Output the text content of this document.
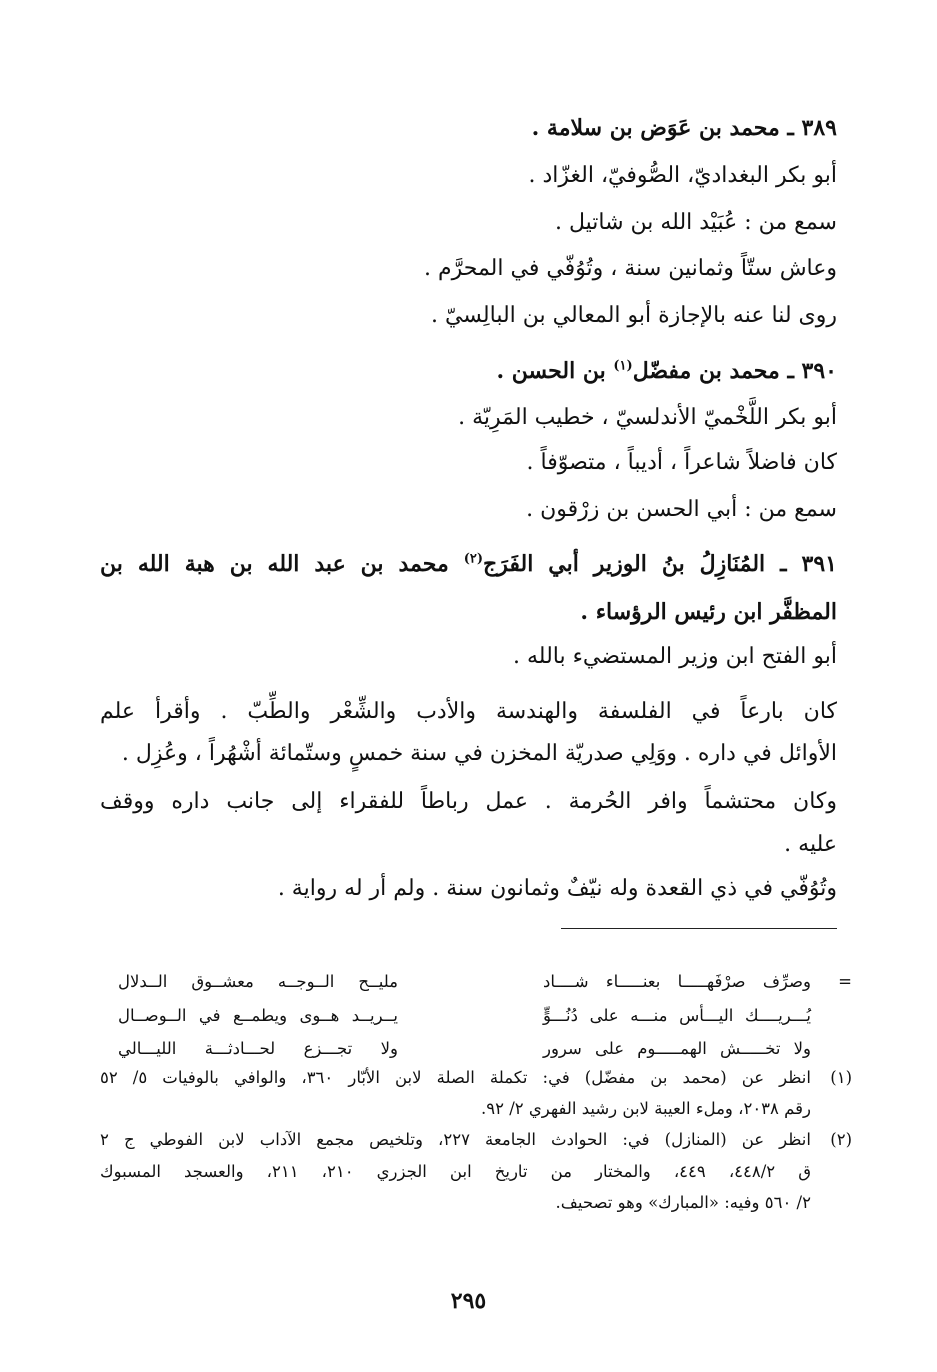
٣٨٩ ـ محمد بن عَوَض بن سلامة .
أبو بكر البغداديّ، الصُّوفيّ، الغزّاد .
سمع من : عُبَيْد الله بن شاتيل .
وعاش ستّاً وثمانين سنة ، وتُوُفّي في المحرَّم .
روى لنا عنه بالإجازة أبو المعالي بن البالِسيّ .
٣٩٠ ـ محمد بن مفضّل$^{(١)}$ بن الحسن .
أبو بكر اللَّخْميّ الأندلسيّ ، خطيب المَرِيّة .
كان فاضلاً شاعراً ، أديباً ، متصوّفاً .
سمع من : أبي الحسن بن زرْقون .
٣٩١ ـ المُنَازِلُ بنُ الوزير أبي الفَرَج$^{(٢)}$ محمد بن عبد الله بن هبة الله بن
المظفَّر ابن رئيس الرؤساء .
أبو الفتح ابن وزير المستضيء بالله .
كان بارعاً في الفلسفة والهندسة والأدب والشِّعْر والطِّبّ . وأقرأ علم
الأوائل في داره . ووَلِي صدريّة المخزن في سنة خمسٍ وستّمائة أشْهُراً ، وعُزِل .
وكان محتشماً وافر الحُرمة . عمل رباطاً للفقراء إلى جانب داره ووقف
عليه .
وتُوُفّي في ذي القعدة وله نيّفٌ وثمانون سنة . ولم أر له رواية .
=
وصرِّف صرْفَهـــــا بعنـــــاء شــــاد
مليــح الــوجــه معشــوق الــدلال
يُـــريــــك اليـــأس منـــه على دُنُـــوٍّ
يــريــد هــوى ويطمــع في الــوصــال
ولا تخـــــش الهمـــــوم على سرور
ولا تجـــزع لحـــادثـــة الليـــالي
(١)
انظر عن (محمد بن مفضّل) في: تكملة الصلة لابن الأبّار ٣٦٠، والوافي بالوفيات ٥/ ٥٢
رقم ٢٠٣٨، وملء العيبة لابن رشيد الفهري ٢/ ٩٢.
(٢)
انظر عن (المنازل) في: الحوادث الجامعة ٢٢٧، وتلخيص مجمع الآداب لابن الفوطي ج ٢
ق ٤٤٨/٢، ٤٤٩، والمختار من تاريخ ابن الجزري ٢١٠، ٢١١، والعسجد المسبوك
٢/ ٥٦٠ وفيه: «المبارك» وهو تصحيف.
٢٩٥
